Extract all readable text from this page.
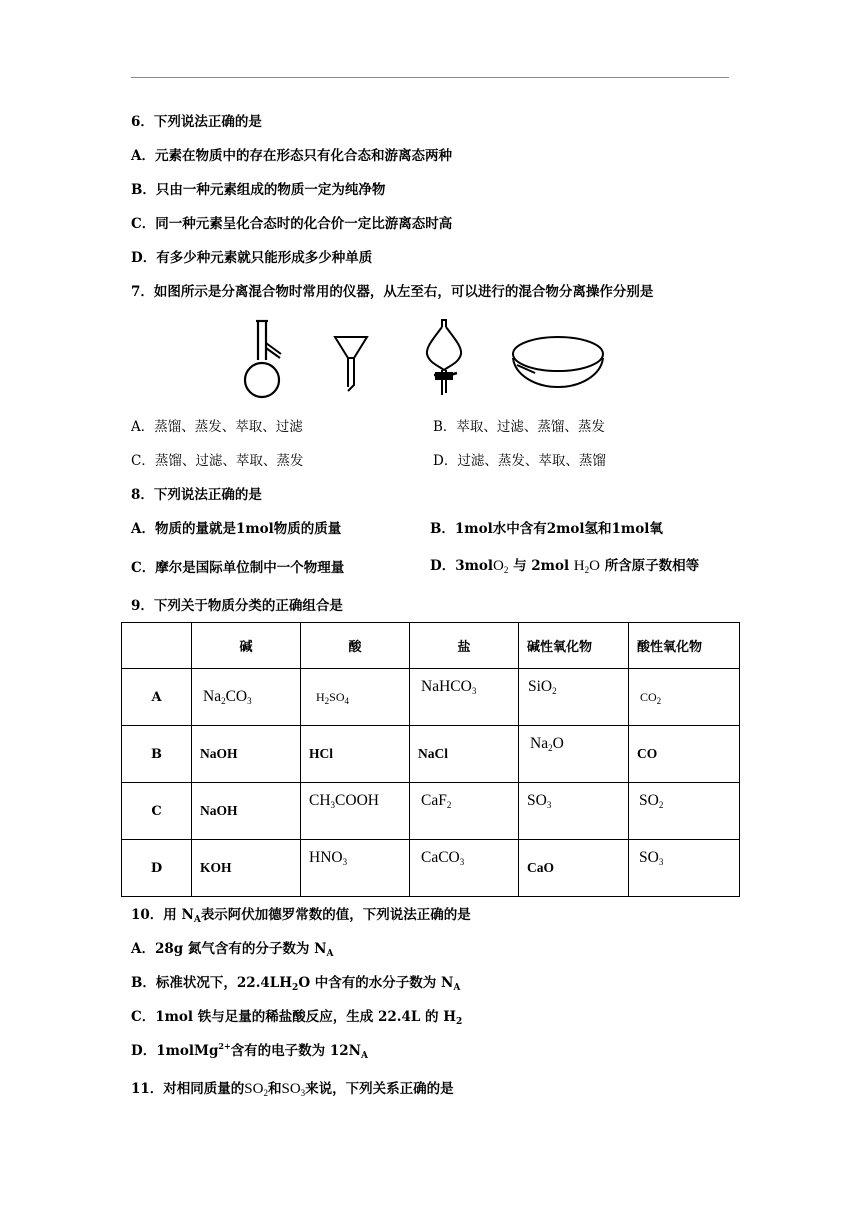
6．下列说法正确的是
A．元素在物质中的存在形态只有化合态和游离态两种
B．只由一种元素组成的物质一定为纯净物
C．同一种元素呈化合态时的化合价一定比游离态时高
D．有多少种元素就只能形成多少种单质
7．如图所示是分离混合物时常用的仪器，从左至右，可以进行的混合物分离操作分别是
A．蒸馏、蒸发、萃取、过滤	B．萃取、过滤、蒸馏、蒸发
C．蒸馏、过滤、萃取、蒸发	D．过滤、蒸发、萃取、蒸馏
8．下列说法正确的是
A．物质的量就是1mol物质的质量	B．1mol水中含有2mol氢和1mol氧
C．摩尔是国际单位制中一个物理量	D．3molO$_2$ 与 2mol $H_2O$ 所含原子数相等
9．下列关于物质分类的正确组合是
	碱	酸	盐	碱性氧化物	酸性氧化物
A	$Na_2CO_3$	$H_2SO_4$	NaHCO$_3$	SiO$_2$	$CO_2$
B	NaOH	HCl	NaCl	$Na_2O$	CO
C	NaOH	$CH_3COOH$	CaF$_2$	$SO_3$	$SO_2$
D	KOH	$HNO_3$	CaCO$_3$	CaO	$SO_3$
10．用 $N_A$表示阿伏加德罗常数的值，下列说法正确的是
A．28g 氮气含有的分子数为 $N_A$
B．标准状况下，$22.4LH_2O$ 中含有的水分子数为 $N_A$
C．1mol 铁与足量的稀盐酸反应，生成 22.4L 的 $H_2$
D．1molMg$^{2+}$含有的电子数为 $12N_A$
11．对相同质量的$SO_2$和$SO_3$来说，下列关系正确的是
